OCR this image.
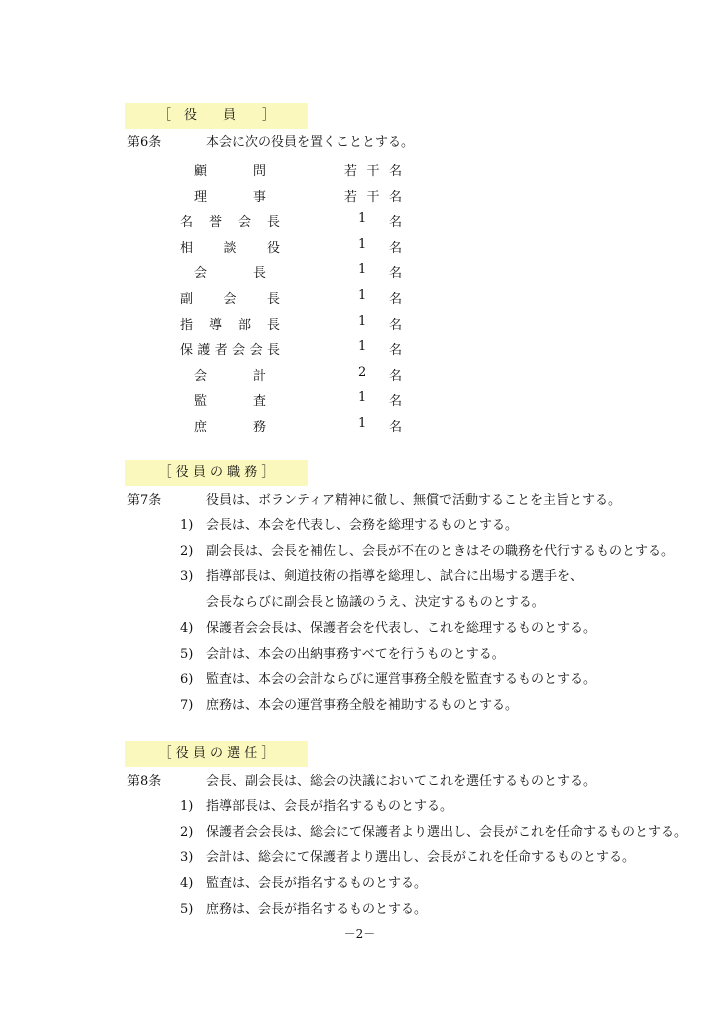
［　役　　員　　］
第6条	本会に次の役員を置くこととする。
顧	問	若 干 名
理	事	若 干 名
名 誉 会 長	1 名
相 談 役	1 名
会	長	1 名
副 会 長	1 名
指 導 部 長	1 名
保 護 者 会 会 長	1 名
会	計	2 名
監	査	1 名
庶	務	1 名
［ 役 員 の 職 務 ］
第7条	役員は、ボランティア精神に徹し、無償で活動することを主旨とする。
1) 会長は、本会を代表し、会務を総理するものとする。
2) 副会長は、会長を補佐し、会長が不在のときはその職務を代行するものとする。
3) 指導部長は、剣道技術の指導を総理し、試合に出場する選手を、
会長ならびに副会長と協議のうえ、決定するものとする。
4) 保護者会会長は、保護者会を代表し、これを総理するものとする。
5) 会計は、本会の出納事務すべてを行うものとする。
6) 監査は、本会の会計ならびに運営事務全般を監査するものとする。
7) 庶務は、本会の運営事務全般を補助するものとする。
［ 役 員 の 選 任 ］
第8条	会長、副会長は、総会の決議においてこれを選任するものとする。
1) 指導部長は、会長が指名するものとする。
2) 保護者会会長は、総会にて保護者より選出し、会長がこれを任命するものとする。
3) 会計は、総会にて保護者より選出し、会長がこれを任命するものとする。
4) 監査は、会長が指名するものとする。
5) 庶務は、会長が指名するものとする。
－2－
